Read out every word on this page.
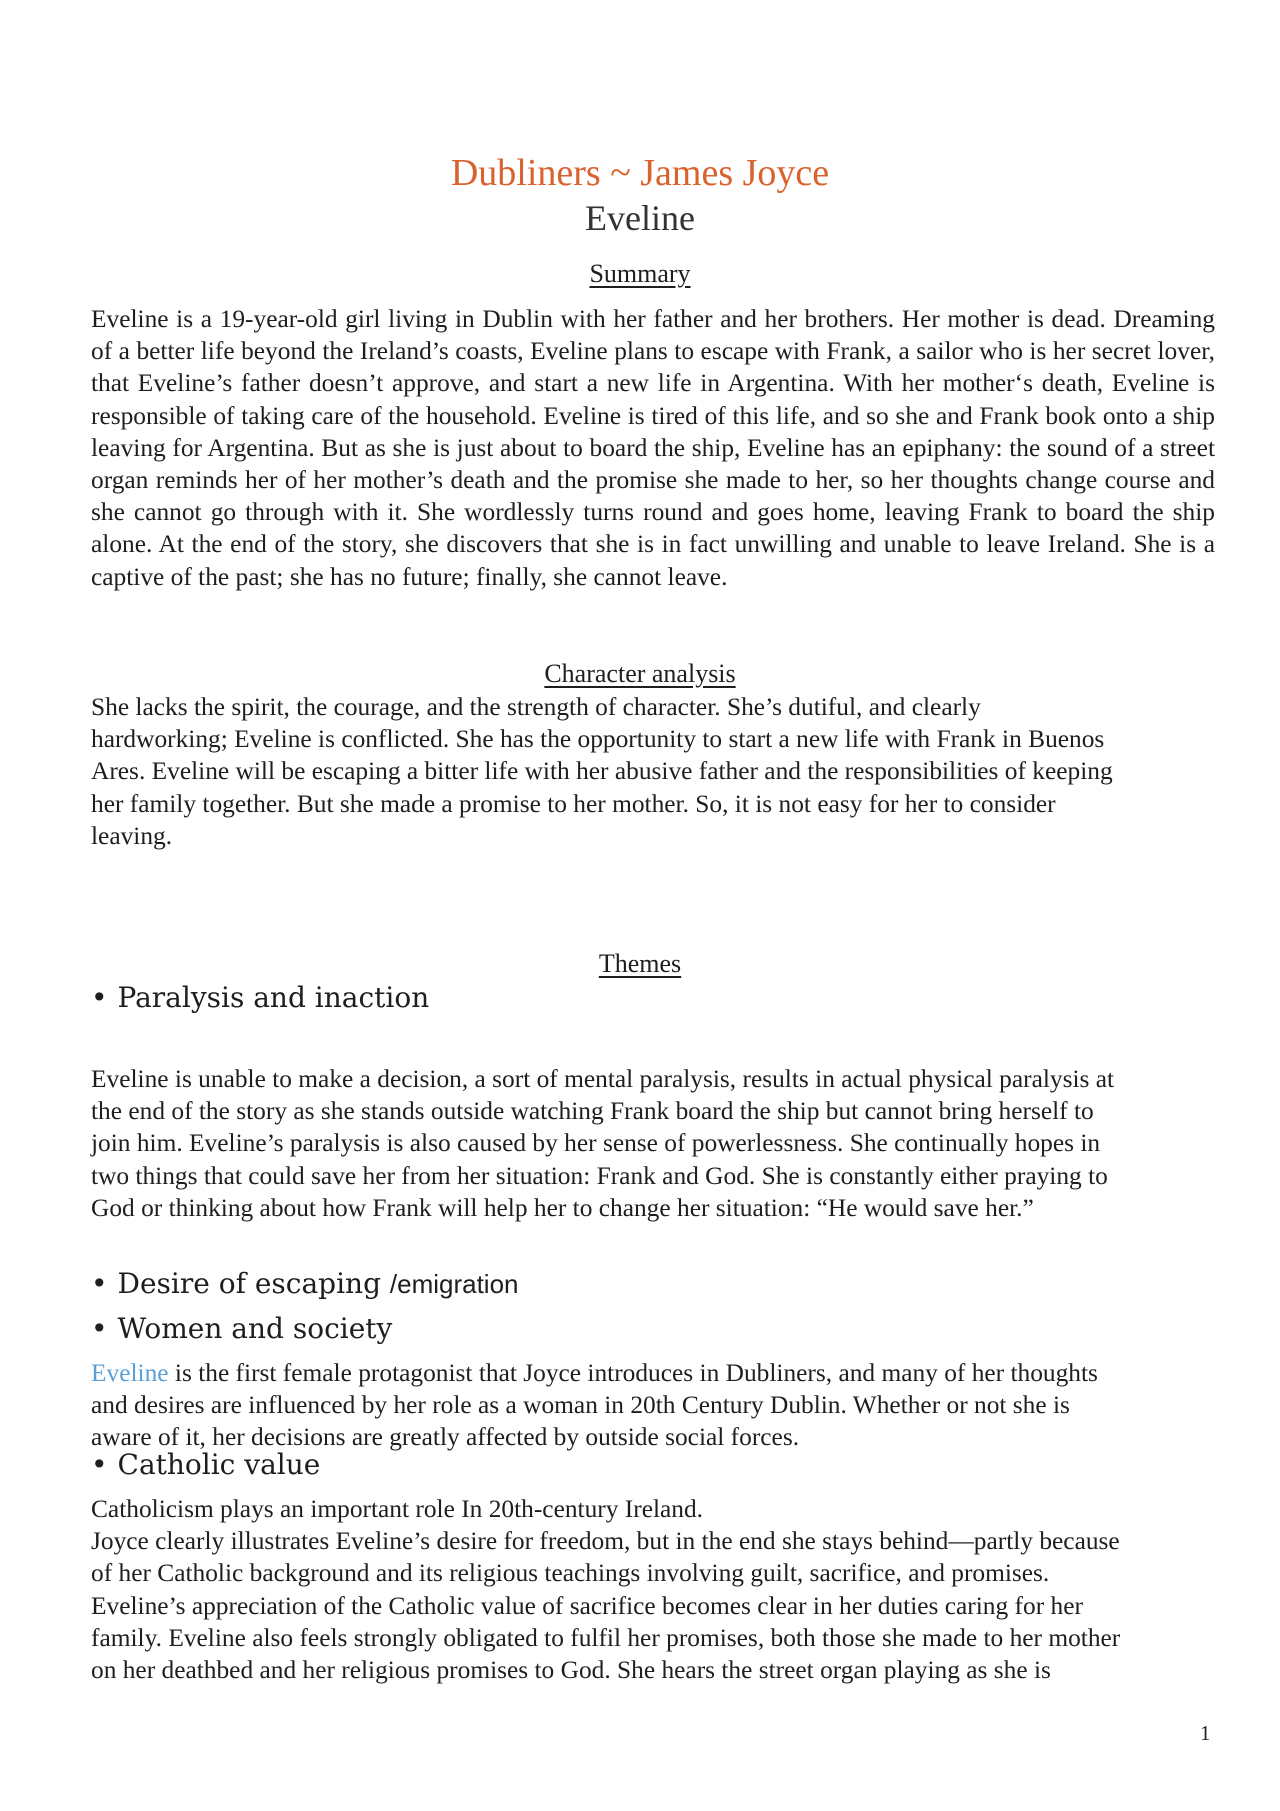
Dubliners ~ James Joyce
Eveline
Summary

Eveline is a 19-year-old girl living in Dublin with her father and her brothers. Her mother is dead. Dreaming of a better life beyond the Ireland’s coasts, Eveline plans to escape with Frank, a sailor who is her secret lover, that Eveline’s father doesn’t approve, and start a new life in Argentina. With her mother‘s death, Eveline is responsible of taking care of the household. Eveline is tired of this life, and so she and Frank book onto a ship leaving for Argentina. But as she is just about to board the ship, Eveline has an epiphany: the sound of a street organ reminds her of her mother’s death and the promise she made to her, so her thoughts change course and she cannot go through with it. She wordlessly turns round and goes home, leaving Frank to board the ship alone. At the end of the story, she discovers that she is in fact unwilling and unable to leave Ireland. She is a captive of the past; she has no future; finally, she cannot leave.

Character analysis
She lacks the spirit, the courage, and the strength of character. She’s dutiful, and clearly
hardworking; Eveline is conflicted. She has the opportunity to start a new life with Frank in Buenos
Ares. Eveline will be escaping a bitter life with her abusive father and the responsibilities of keeping
her family together. But she made a promise to her mother. So, it is not easy for her to consider
leaving.
Themes
• Paralysis and inaction
Eveline is unable to make a decision, a sort of mental paralysis, results in actual physical paralysis at
the end of the story as she stands outside watching Frank board the ship but cannot bring herself to
join him. Eveline’s paralysis is also caused by her sense of powerlessness. She continually hopes in
two things that could save her from her situation: Frank and God. She is constantly either praying to
God or thinking about how Frank will help her to change her situation: “He would save her.”
• Desire of escaping /emigration
• Women and society
Eveline is the first female protagonist that Joyce introduces in Dubliners, and many of her thoughts
and desires are influenced by her role as a woman in 20th Century Dublin. Whether or not she is
aware of it, her decisions are greatly affected by outside social forces.
• Catholic value
Catholicism plays an important role In 20th-century Ireland.
Joyce clearly illustrates Eveline’s desire for freedom, but in the end she stays behind—partly because
of her Catholic background and its religious teachings involving guilt, sacrifice, and promises.
Eveline’s appreciation of the Catholic value of sacrifice becomes clear in her duties caring for her
family. Eveline also feels strongly obligated to fulfil her promises, both those she made to her mother
on her deathbed and her religious promises to God. She hears the street organ playing as she is
1
